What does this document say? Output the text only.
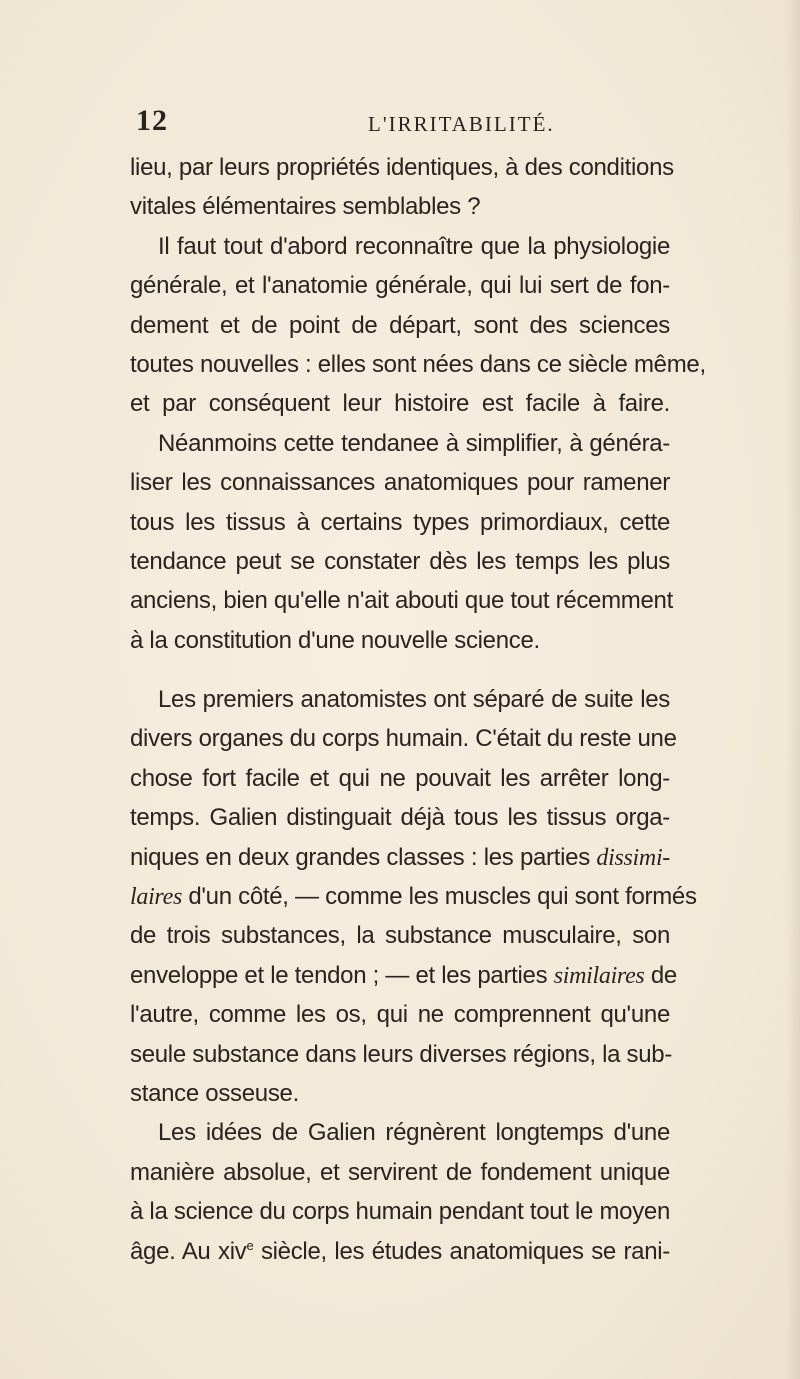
12	L'IRRITABILITÉ.
lieu, par leurs propriétés identiques, à des conditions
vitales élémentaires semblables ?
Il faut tout d'abord reconnaître que la physiologie
générale, et l'anatomie générale, qui lui sert de fon-
dement et de point de départ, sont des sciences
toutes nouvelles : elles sont nées dans ce siècle même,
et par conséquent leur histoire est facile à faire.
Néanmoins cette tendanee à simplifier, à généra-
liser les connaissances anatomiques pour ramener
tous les tissus à certains types primordiaux, cette
tendance peut se constater dès les temps les plus
anciens, bien qu'elle n'ait abouti que tout récemment
à la constitution d'une nouvelle science.
Les premiers anatomistes ont séparé de suite les
divers organes du corps humain. C'était du reste une
chose fort facile et qui ne pouvait les arrêter long-
temps. Galien distinguait déjà tous les tissus orga-
niques en deux grandes classes : les parties dissimi-
laires d'un côté, — comme les muscles qui sont formés
de trois substances, la substance musculaire, son
enveloppe et le tendon ; — et les parties similaires de
l'autre, comme les os, qui ne comprennent qu'une
seule substance dans leurs diverses régions, la sub-
stance osseuse.
Les idées de Galien régnèrent longtemps d'une
manière absolue, et servirent de fondement unique
à la science du corps humain pendant tout le moyen
âge. Au xiv$^e$ siècle, les études anatomiques se rani-
